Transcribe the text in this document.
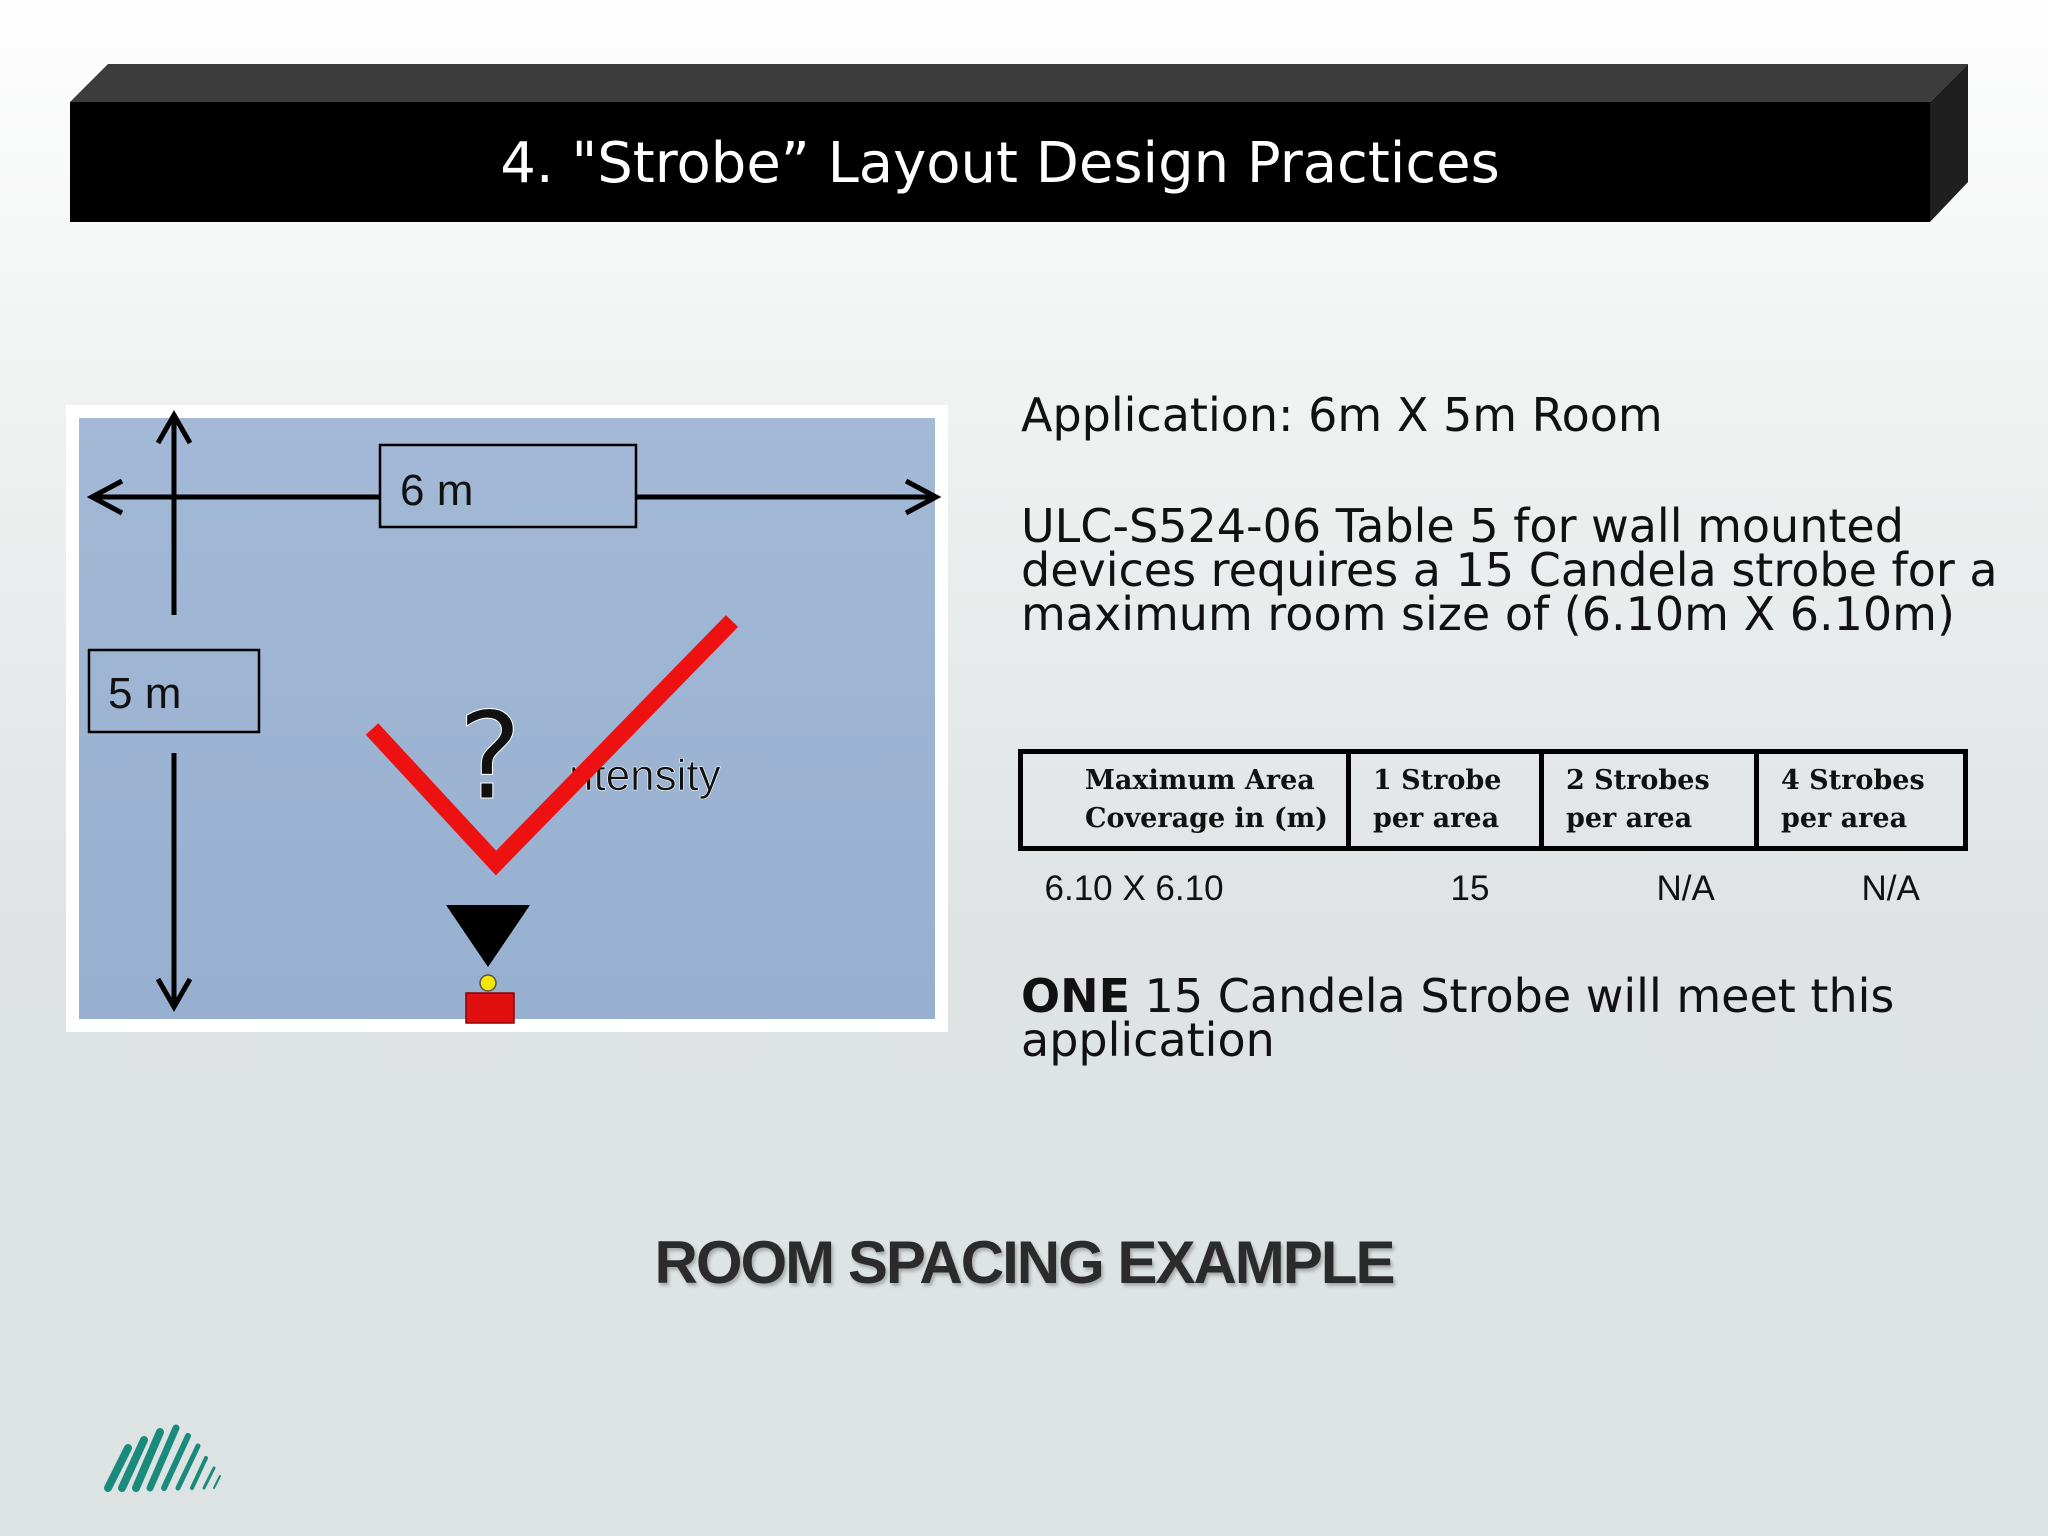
4. "Strobe” Layout Design Practices
6 m
5 m
ntensity
?
Application: 6m X 5m Room
ULC-S524-06 Table 5 for wall mounted devices requires a 15 Candela strobe for a maximum room size of (6.10m X 6.10m)
Maximum Area Coverage in (m)	1 Strobe per area	2 Strobes per area	4 Strobes per area
6.10 X 6.10	15	N/A	N/A
ONE 15 Candela Strobe will meet this application
ROOM SPACING EXAMPLE
